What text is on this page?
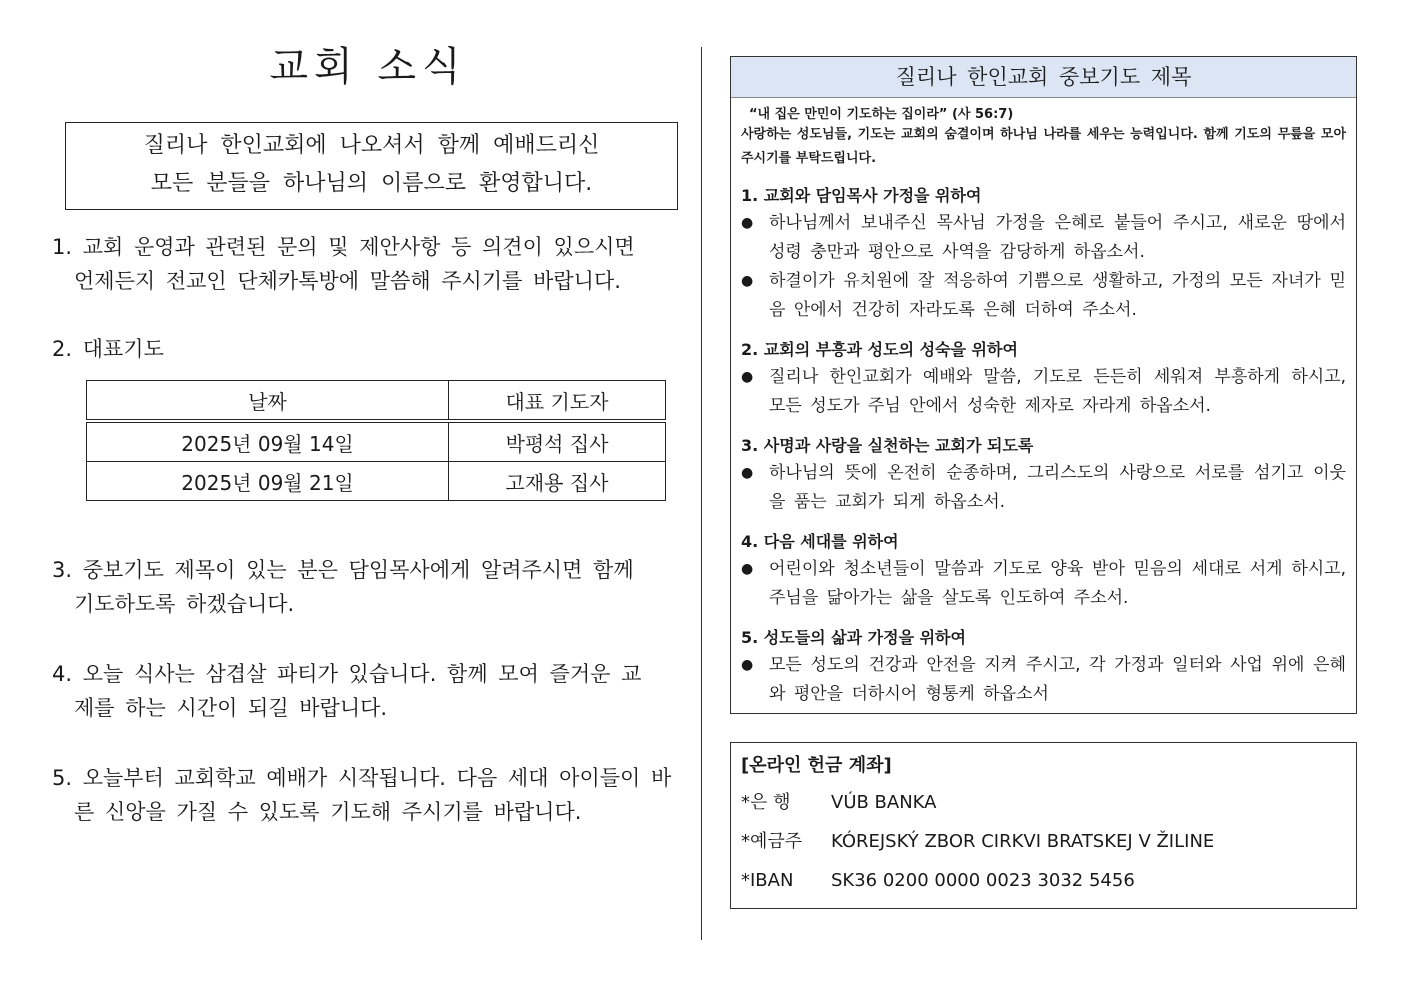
교회 소식
질리나 한인교회에 나오셔서 함께 예배드리신
모든 분들을 하나님의 이름으로 환영합니다.

1. 교회 운영과 관련된 문의 및 제안사항 등 의견이 있으시면
언제든지 전교인 단체카톡방에 말씀해 주시기를 바랍니다.

2. 대표기도

날짜	대표 기도자
2025년 09월 14일	박평석 집사
2025년 09월 21일	고재용 집사

3. 중보기도 제목이 있는 분은 담임목사에게 알려주시면 함께
기도하도록 하겠습니다.

4. 오늘 식사는 삼겹살 파티가 있습니다. 함께 모여 즐거운 교
제를 하는 시간이 되길 바랍니다.

5. 오늘부터 교회학교 예배가 시작됩니다. 다음 세대 아이들이 바
른 신앙을 가질 수 있도록 기도해 주시기를 바랍니다.

질리나 한인교회 중보기도 제목

“내 집은 만민이 기도하는 집이라” (사 56:7)

사랑하는 성도님들, 기도는 교회의 숨결이며 하나님 나라를 세우는 능력입니다. 함께 기도의 무릎을 모아 주시기를 부탁드립니다.

1. 교회와 담임목사 가정을 위하여

● 하나님께서 보내주신 목사님 가정을 은혜로 붙들어 주시고, 새로운 땅에서 성령 충만과 평안으로 사역을 감당하게 하옵소서.
● 하결이가 유치원에 잘 적응하여 기쁨으로 생활하고, 가정의 모든 자녀가 믿음 안에서 건강히 자라도록 은혜 더하여 주소서.

2. 교회의 부흥과 성도의 성숙을 위하여

● 질리나 한인교회가 예배와 말씀, 기도로 든든히 세워져 부흥하게 하시고, 모든 성도가 주님 안에서 성숙한 제자로 자라게 하옵소서.

3. 사명과 사랑을 실천하는 교회가 되도록

● 하나님의 뜻에 온전히 순종하며, 그리스도의 사랑으로 서로를 섬기고 이웃을 품는 교회가 되게 하옵소서.

4. 다음 세대를 위하여

● 어린이와 청소년들이 말씀과 기도로 양육 받아 믿음의 세대로 서게 하시고, 주님을 닮아가는 삶을 살도록 인도하여 주소서.

5. 성도들의 삶과 가정을 위하여

● 모든 성도의 건강과 안전을 지켜 주시고, 각 가정과 일터와 사업 위에 은혜와 평안을 더하시어 형통케 하옵소서

[온라인 헌금 계좌]

*은 행	VÚB BANKA
*예금주	KÓREJSKÝ ZBOR CIRKVI BRATSKEJ V ŽILINE
*IBAN	SK36 0200 0000 0023 3032 5456
